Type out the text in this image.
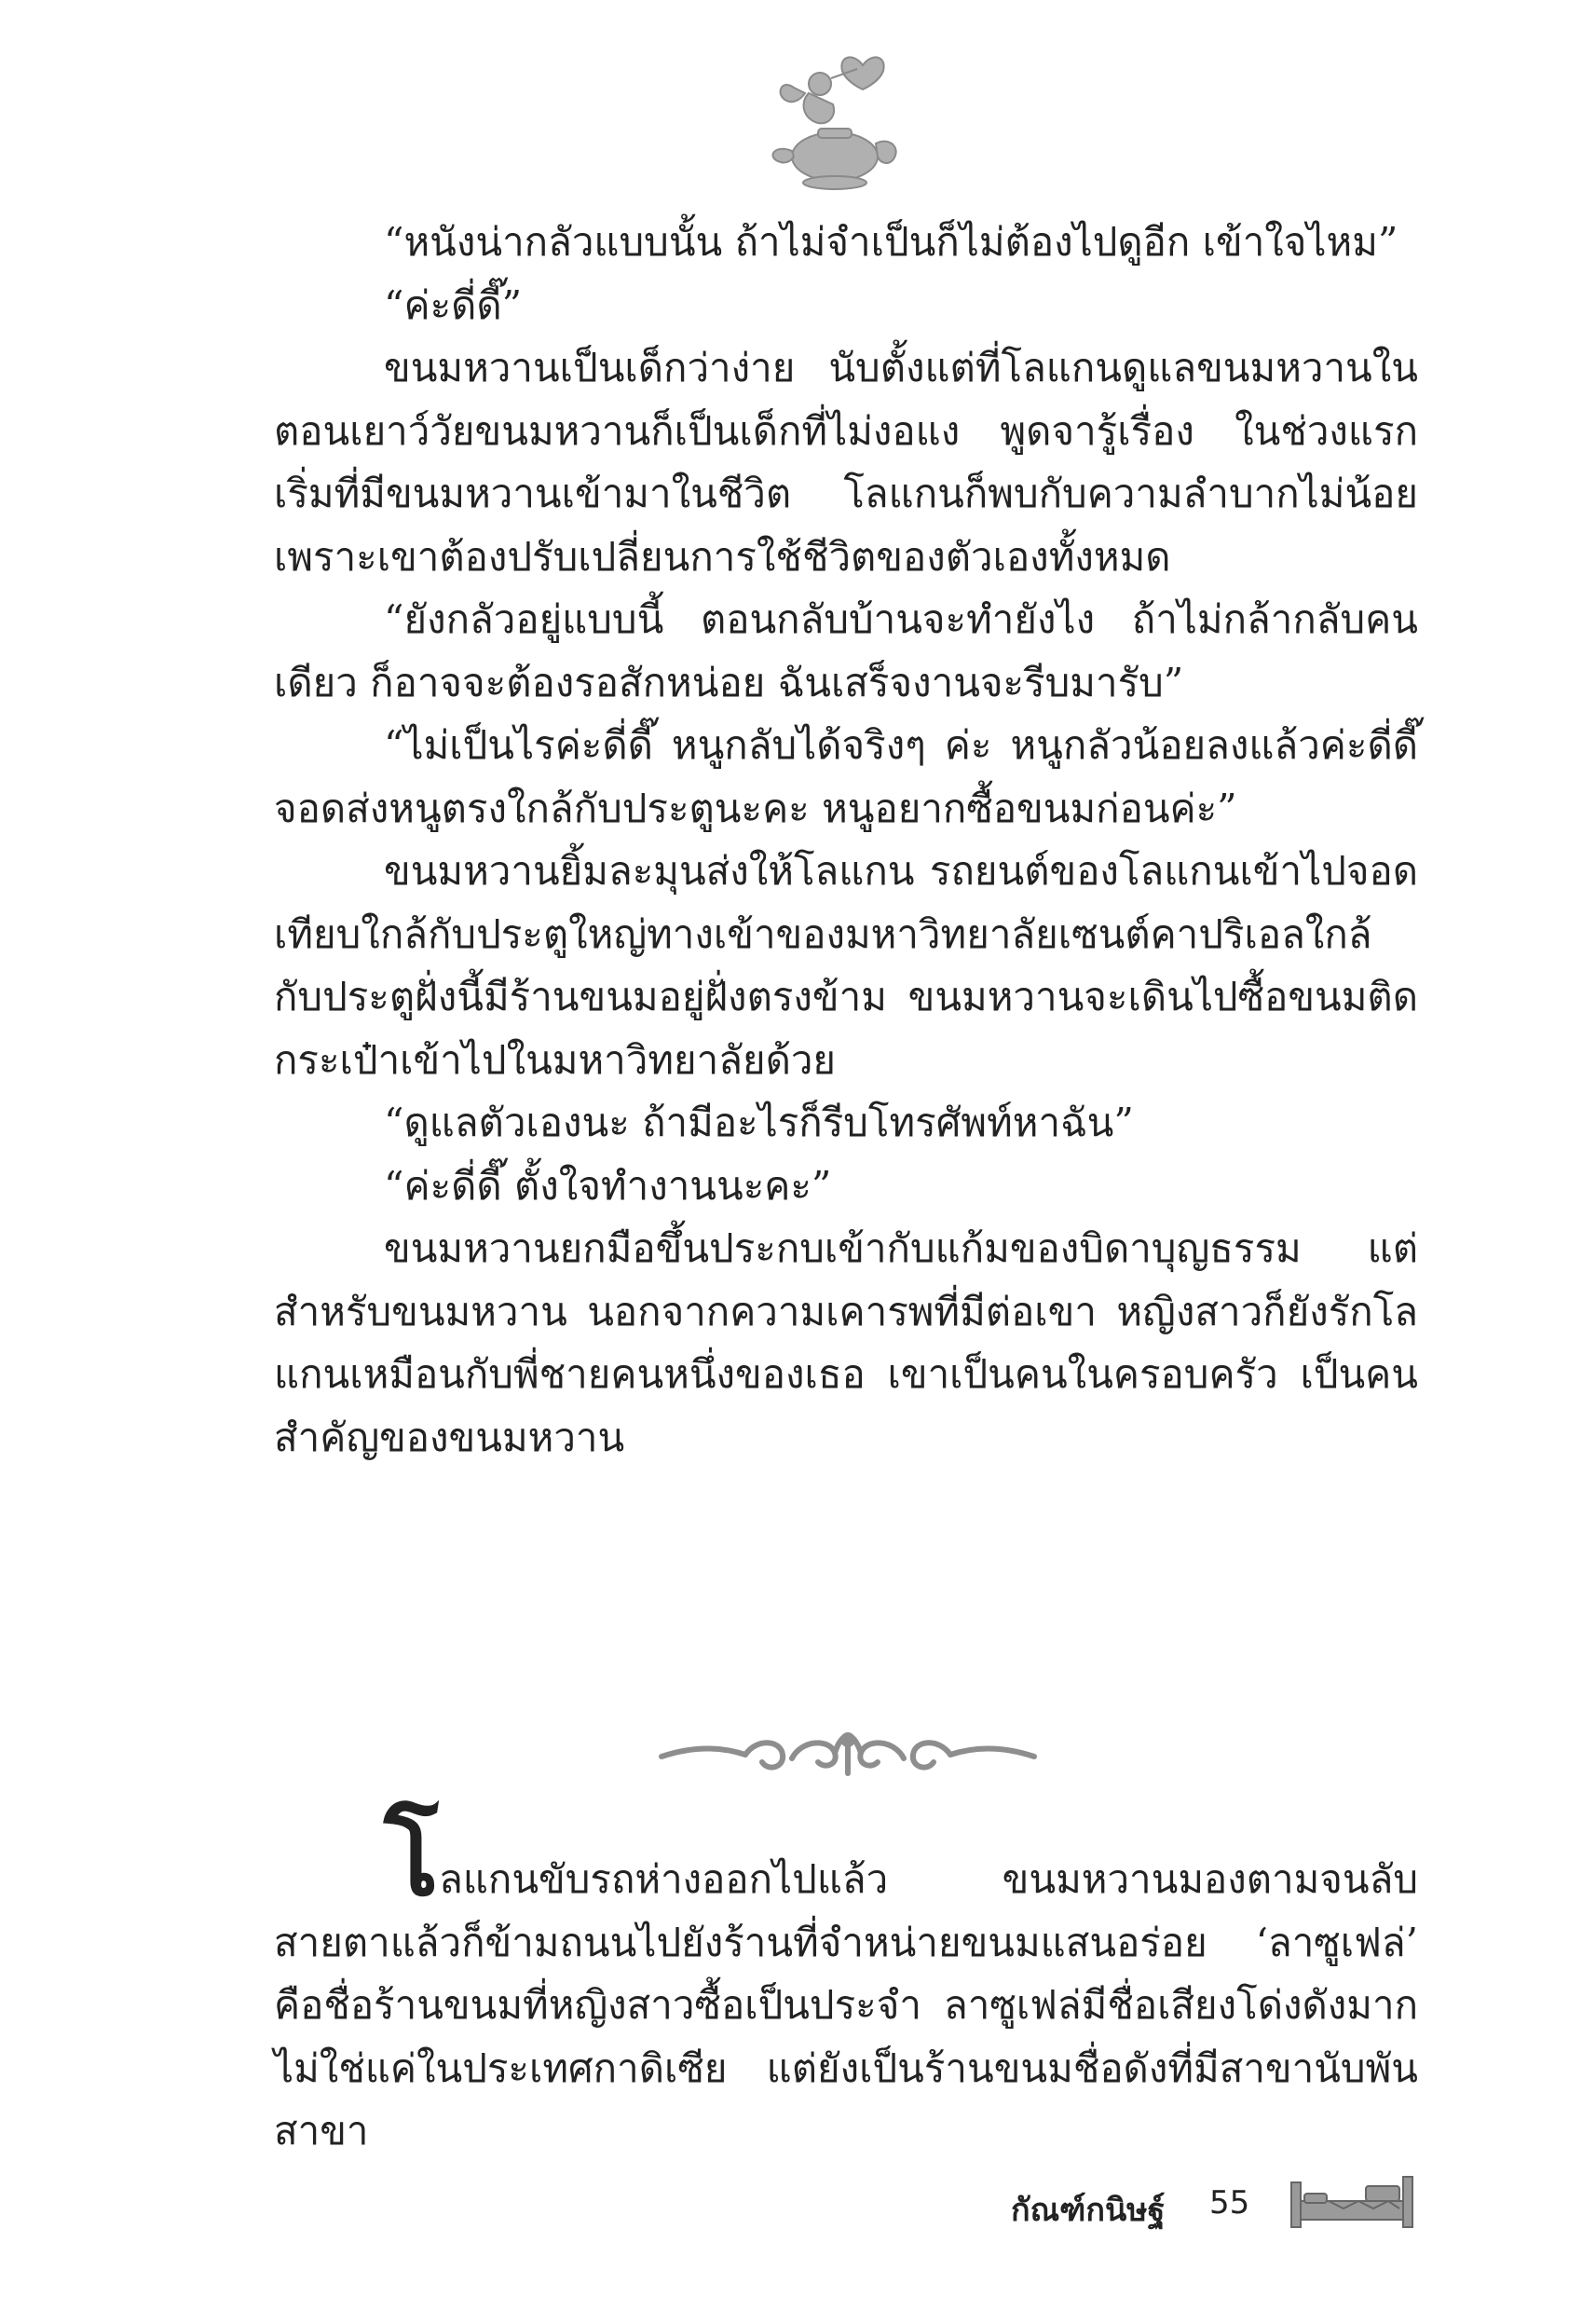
“หนังน่ากลัวแบบนั้น ถ้าไม่จำเป็นก็ไม่ต้องไปดูอีก เข้าใจไหม”

“ค่ะดี่ดี๊”

ขนมหวานเป็นเด็กว่าง่าย นับตั้งแต่ที่โลแกนดูแลขนมหวานในตอนเยาว์วัยขนมหวานก็เป็นเด็กที่ไม่งอแง พูดจารู้เรื่อง ในช่วงแรกเริ่มที่มีขนมหวานเข้ามาในชีวิต โลแกนก็พบกับความลำบากไม่น้อยเพราะเขาต้องปรับเปลี่ยนการใช้ชีวิตของตัวเองทั้งหมด

“ยังกลัวอยู่แบบนี้ ตอนกลับบ้านจะทำยังไง ถ้าไม่กล้ากลับคนเดียว ก็อาจจะต้องรอสักหน่อย ฉันเสร็จงานจะรีบมารับ”

“ไม่เป็นไรค่ะดี่ดี๊ หนูกลับได้จริงๆ ค่ะ หนูกลัวน้อยลงแล้วค่ะดี่ดี๊จอดส่งหนูตรงใกล้กับประตูนะคะ หนูอยากซื้อขนมก่อนค่ะ”

ขนมหวานยิ้มละมุนส่งให้โลแกน รถยนต์ของโลแกนเข้าไปจอดเทียบใกล้กับประตูใหญ่ทางเข้าของมหาวิทยาลัยเซนต์คาปริเอลใกล้กับประตูฝั่งนี้มีร้านขนมอยู่ฝั่งตรงข้าม ขนมหวานจะเดินไปซื้อขนมติดกระเป๋าเข้าไปในมหาวิทยาลัยด้วย

“ดูแลตัวเองนะ ถ้ามีอะไรก็รีบโทรศัพท์หาฉัน”

“ค่ะดี่ดี๊ ตั้งใจทำงานนะคะ”

ขนมหวานยกมือขึ้นประกบเข้ากับแก้มของบิดาบุญธรรม แต่สำหรับขนมหวาน นอกจากความเคารพที่มีต่อเขา หญิงสาวก็ยังรักโลแกนเหมือนกับพี่ชายคนหนึ่งของเธอ เขาเป็นคนในครอบครัว เป็นคนสำคัญของขนมหวาน

โลแกนขับรถห่างออกไปแล้ว ขนมหวานมองตามจนลับสายตาแล้วก็ข้ามถนนไปยังร้านที่จำหน่ายขนมแสนอร่อย ‘ลาซูเฟล่’ คือชื่อร้านขนมที่หญิงสาวซื้อเป็นประจำ ลาซูเฟล่มีชื่อเสียงโด่งดังมาก ไม่ใช่แค่ในประเทศกาดิเซีย แต่ยังเป็นร้านขนมชื่อดังที่มีสาขานับพันสาขา

กัณฑ์กนิษฐ์ 55
